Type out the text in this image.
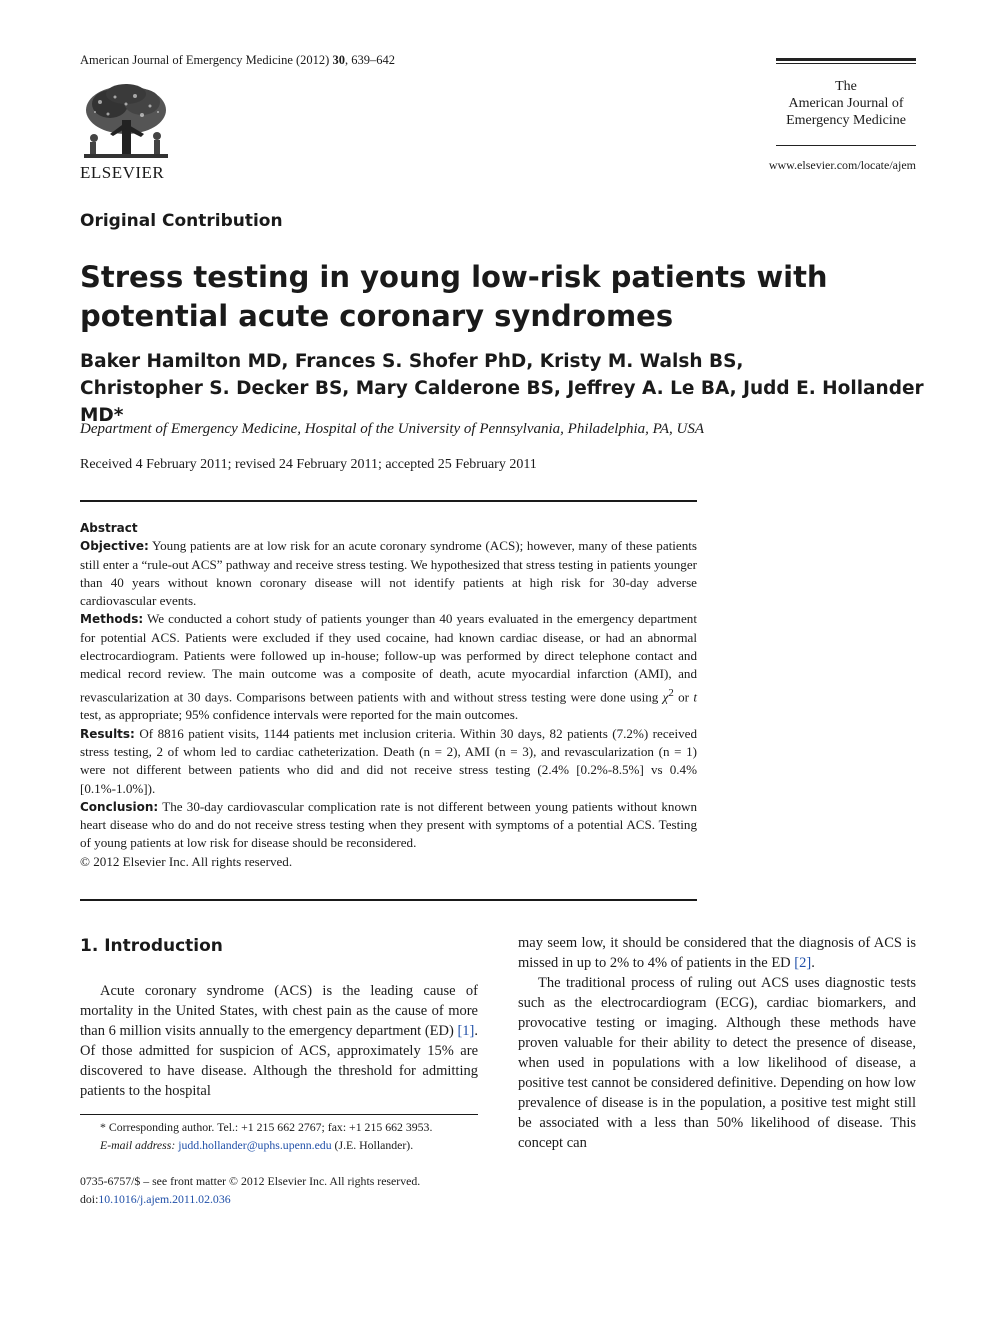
American Journal of Emergency Medicine (2012) 30, 639–642
ELSEVIER
The
American Journal of
Emergency Medicine
www.elsevier.com/locate/ajem
Original Contribution
Stress testing in young low-risk patients with potential acute coronary syndromes
Baker Hamilton MD, Frances S. Shofer PhD, Kristy M. Walsh BS,
Christopher S. Decker BS, Mary Calderone BS, Jeffrey A. Le BA, Judd E. Hollander MD*
Department of Emergency Medicine, Hospital of the University of Pennsylvania, Philadelphia, PA, USA
Received 4 February 2011; revised 24 February 2011; accepted 25 February 2011

Abstract

Objective: Young patients are at low risk for an acute coronary syndrome (ACS); however, many of these patients still enter a “rule-out ACS” pathway and receive stress testing. We hypothesized that stress testing in patients younger than 40 years without known coronary disease will not identify patients at high risk for 30-day adverse cardiovascular events.

Methods: We conducted a cohort study of patients younger than 40 years evaluated in the emergency department for potential ACS. Patients were excluded if they used cocaine, had known cardiac disease, or had an abnormal electrocardiogram. Patients were followed up in-house; follow-up was performed by direct telephone contact and medical record review. The main outcome was a composite of death, acute myocardial infarction (AMI), and revascularization at 30 days. Comparisons between patients with and without stress testing were done using $\chi^2$ or t test, as appropriate; 95% confidence intervals were reported for the main outcomes.

Results: Of 8816 patient visits, 1144 patients met inclusion criteria. Within 30 days, 82 patients (7.2%) received stress testing, 2 of whom led to cardiac catheterization. Death (n = 2), AMI (n = 3), and revascularization (n = 1) were not different between patients who did and did not receive stress testing (2.4% [0.2%-8.5%] vs 0.4% [0.1%-1.0%]).

Conclusion: The 30-day cardiovascular complication rate is not different between young patients without known heart disease who do and do not receive stress testing when they present with symptoms of a potential ACS. Testing of young patients at low risk for disease should be reconsidered.

© 2012 Elsevier Inc. All rights reserved.

1. Introduction

Acute coronary syndrome (ACS) is the leading cause of mortality in the United States, with chest pain as the cause of more than 6 million visits annually to the emergency department (ED) [1]. Of those admitted for suspicion of ACS, approximately 15% are discovered to have disease. Although the threshold for admitting patients to the hospital

may seem low, it should be considered that the diagnosis of ACS is missed in up to 2% to 4% of patients in the ED [2].

The traditional process of ruling out ACS uses diagnostic tests such as the electrocardiogram (ECG), cardiac biomarkers, and provocative testing or imaging. Although these methods have proven valuable for their ability to detect the presence of disease, when used in populations with a low likelihood of disease, a positive test cannot be considered definitive. Depending on how low prevalence of disease is in the population, a positive test might still be associated with a less than 50% likelihood of disease. This concept can

* Corresponding author. Tel.: +1 215 662 2767; fax: +1 215 662 3953.
E-mail address: judd.hollander@uphs.upenn.edu (J.E. Hollander).
0735-6757/$ – see front matter © 2012 Elsevier Inc. All rights reserved.
doi:10.1016/j.ajem.2011.02.036
